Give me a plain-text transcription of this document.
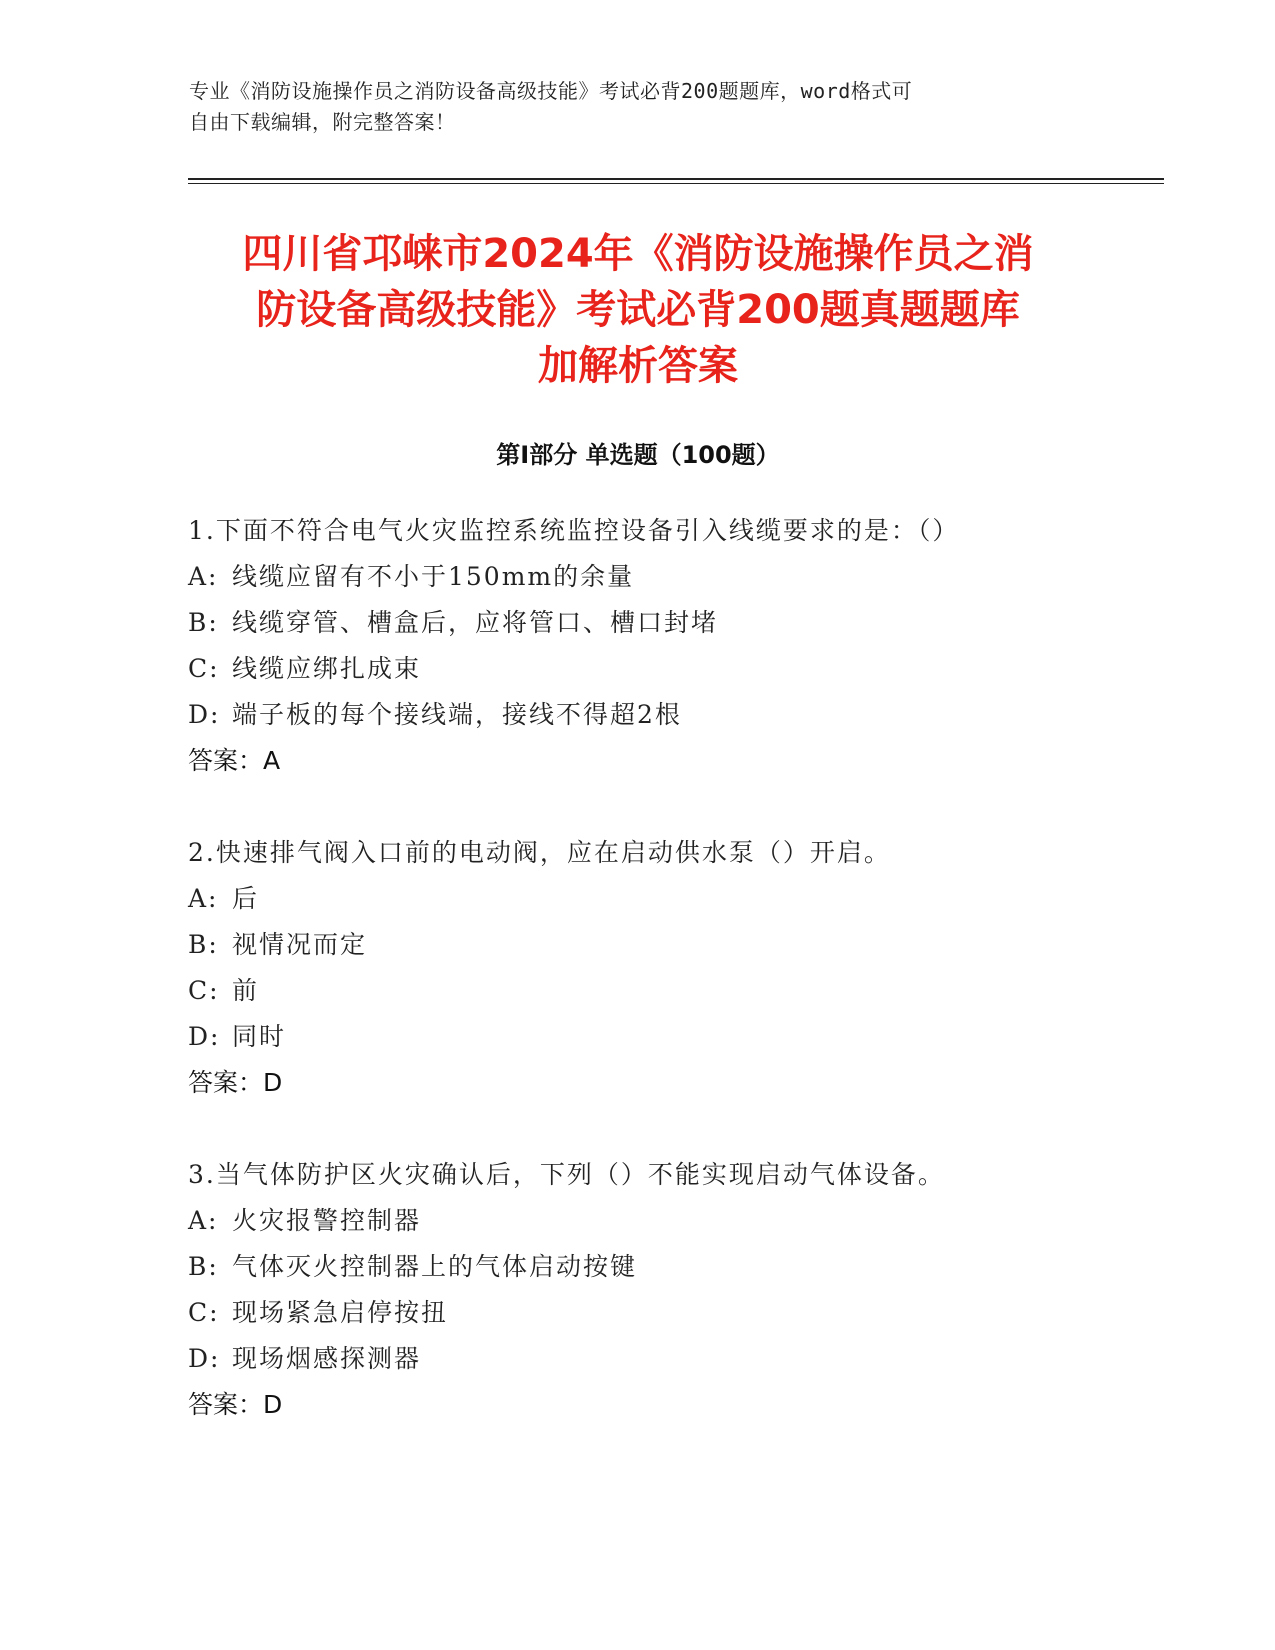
专业《消防设施操作员之消防设备高级技能》考试必背200题题库，word格式可
自由下载编辑，附完整答案！
四川省邛崃市2024年《消防设施操作员之消
防设备高级技能》考试必背200题真题题库
加解析答案
第I部分 单选题（100题）
1.下面不符合电气火灾监控系统监控设备引入线缆要求的是：（）
A: 线缆应留有不小于150mm的余量
B: 线缆穿管、槽盒后，应将管口、槽口封堵
C: 线缆应绑扎成束
D: 端子板的每个接线端，接线不得超2根
答案：A
2.快速排气阀入口前的电动阀，应在启动供水泵（）开启。
A: 后
B: 视情况而定
C: 前
D: 同时
答案：D
3.当气体防护区火灾确认后，下列（）不能实现启动气体设备。
A: 火灾报警控制器
B: 气体灭火控制器上的气体启动按键
C: 现场紧急启停按扭
D: 现场烟感探测器
答案：D
